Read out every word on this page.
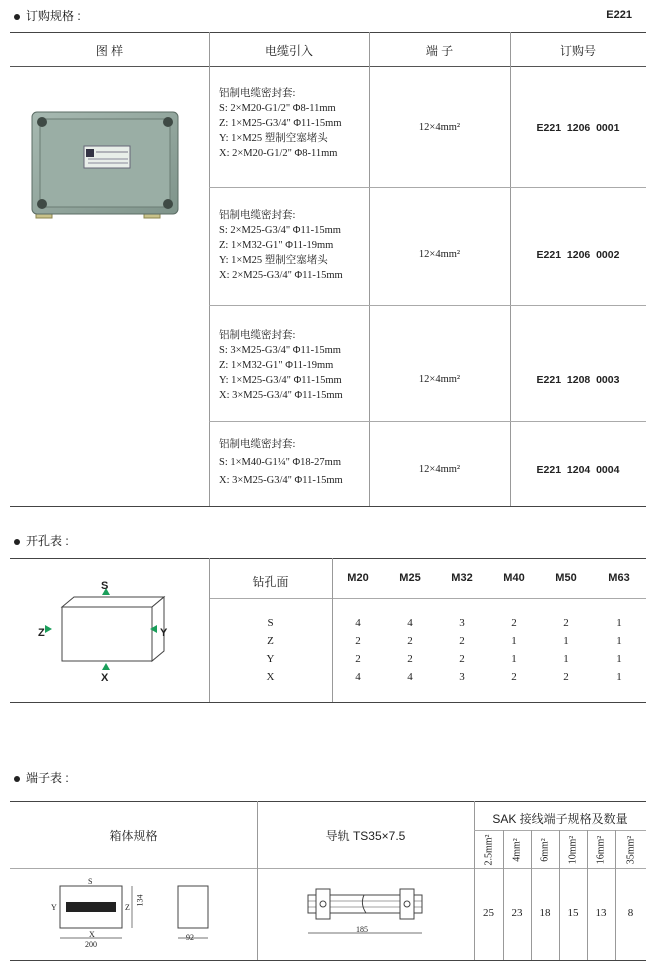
订购规格 :	E221
图 样	电缆引入	端 子	订购号
铝制电缆密封套:
S: 2×M20-G1/2" Φ8-11mm
Z: 1×M25-G3/4" Φ11-15mm
Y: 1×M25 塑制空塞堵头
X: 2×M20-G1/2" Φ8-11mm
12×4mm²	E221  1206  0001
铝制电缆密封套:
S: 2×M25-G3/4" Φ11-15mm
Z: 1×M32-G1" Φ11-19mm
Y: 1×M25 塑制空塞堵头
X: 2×M25-G3/4" Φ11-15mm
12×4mm²	E221  1206  0002
铝制电缆密封套:
S: 3×M25-G3/4" Φ11-15mm
Z: 1×M32-G1" Φ11-19mm
Y: 1×M25-G3/4" Φ11-15mm
X: 3×M25-G3/4" Φ11-15mm
12×4mm²	E221  1208  0003
铝制电缆密封套:
S: 1×M40-G1¼" Φ18-27mm
X: 3×M25-G3/4" Φ11-15mm
12×4mm²	E221  1204  0004
开孔表 :
S
X
Z	Y
钻孔面	M20	M25	M32	M40	M50	M63
S	4	4	3	2	2	1
Z	2	2	2	1	1	1
Y	2	2	2	1	1	1
X	4	4	3	2	2	1
端子表 :
箱体规格	导轨 TS35×7.5
SAK 接线端子规格及数量
2.5mm² 4mm² 6mm² 10mm² 16mm² 35mm²
25	23	18	15	13	8
S
Y	Z
134
X
200
92
185
